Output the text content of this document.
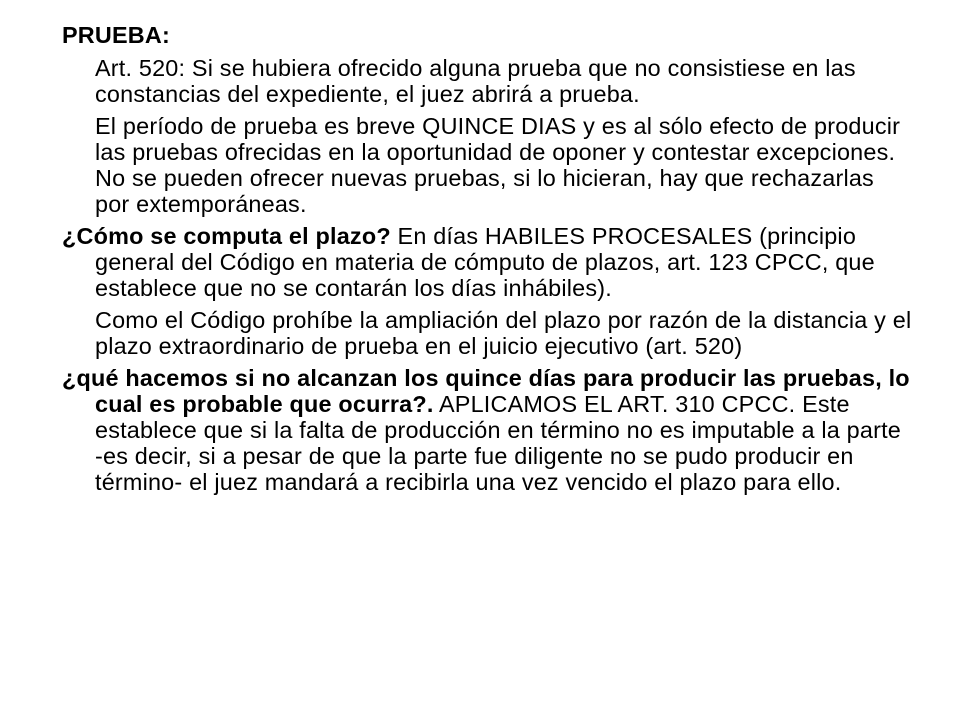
PRUEBA:
Art. 520: Si se hubiera ofrecido alguna prueba que no consistiese en las constancias del expediente, el juez abrirá a prueba.
El período de prueba es breve QUINCE DIAS y es al sólo efecto de producir las pruebas ofrecidas en la oportunidad de oponer y contestar excepciones. No se pueden ofrecer nuevas pruebas, si lo hicieran, hay que rechazarlas por extemporáneas.
¿Cómo se computa el plazo? En días HABILES PROCESALES (principio general del Código en materia de cómputo de plazos, art. 123 CPCC, que establece que no se contarán los días inhábiles).
Como el Código prohíbe la ampliación del plazo por razón de la distancia y el plazo extraordinario de prueba en el juicio ejecutivo (art. 520)
¿qué hacemos si no alcanzan los quince días para producir las pruebas, lo cual es probable que ocurra?. APLICAMOS EL ART. 310 CPCC. Este establece que si la falta de producción en término no es imputable a la parte -es decir, si a pesar de que la parte fue diligente no se pudo producir en término- el juez mandará a recibirla una vez vencido el plazo para ello.
